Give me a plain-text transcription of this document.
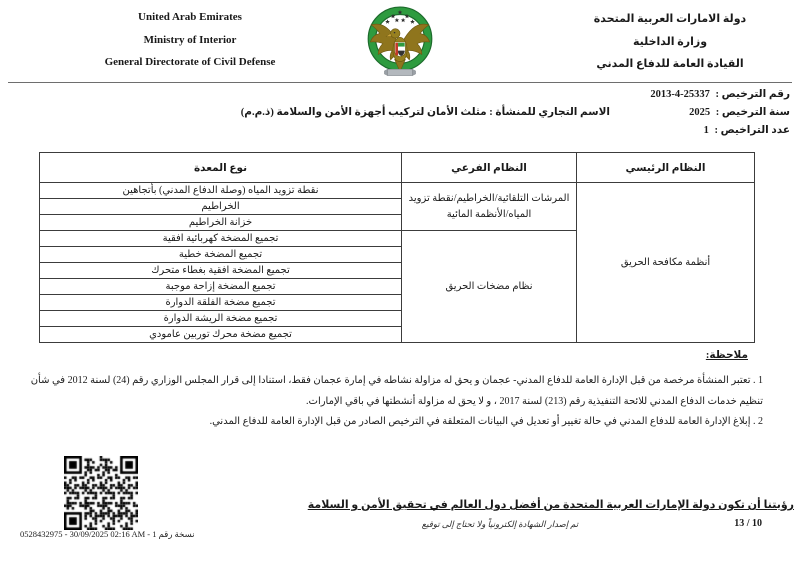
United Arab Emirates
Ministry of Interior
General Directorate of Civil Defense
دولة الامارات العربية المتحدة
وزارة الداخلية
القيادة العامة للدفاع المدني
رقم الترخيص : 25337-4-2013
سنة الترخيص : 2025
الاسم التجاري للمنشأة : مثلث الأمان لتركيب أجهزة الأمن والسلامة (ذ.م.م)
عدد التراخيص : 1
النظام الرئيسي	النظام الفرعي	نوع المعدة
أنظمة مكافحة الحريق	المرشات التلقائية/الخراطيم/نقطة تزويد المياه/الأنظمة المائية	نقطة تزويد المياه (وصلة الدفاع المدني) بأتجاهين
		الخراطيم
		خزانة الخراطيم
	نظام مضخات الحريق	تجميع المضخة كهربائية افقية
		تجميع المضخة خطية
		تجميع المضخة افقية بغطاء متحرك
		تجميع المضخة إزاحة موجبة
		تجميع مضخة الفلقة الدوارة
		تجميع مضخة الريشة الدوارة
		تجميع مضخة محرك توربين عامودي
ملاحظة:
1 . تعتبر المنشأة مرخصة من قبل الإدارة العامة للدفاع المدني- عجمان و يحق له مزاولة نشاطه في إمارة عجمان فقط، استنادا إلى قرار المجلس الوزاري رقم (24) لسنة 2012 في شأن تنظيم خدمات الدفاع المدني للائحة التنفيذية رقم (213) لسنة 2017 ، و لا يحق له مزاولة أنشطتها في باقي الإمارات.
2 . إبلاغ الإدارة العامة للدفاع المدني في حالة تغيير أو تعديل في البيانات المتعلقة في الترخيص الصادر من قبل الإدارة العامة للدفاع المدني.
0528432975 - 30/09/2025 02:16 AM - 1 نسخة رقم
رؤيتنا أن تكون دولة الإمارات العربية المتحدة من أفضل دول العالم في تحقيق الأمن و السلامة
تم إصدار الشهادة إلكترونياً ولا تحتاج إلى توقيع	13 / 10
